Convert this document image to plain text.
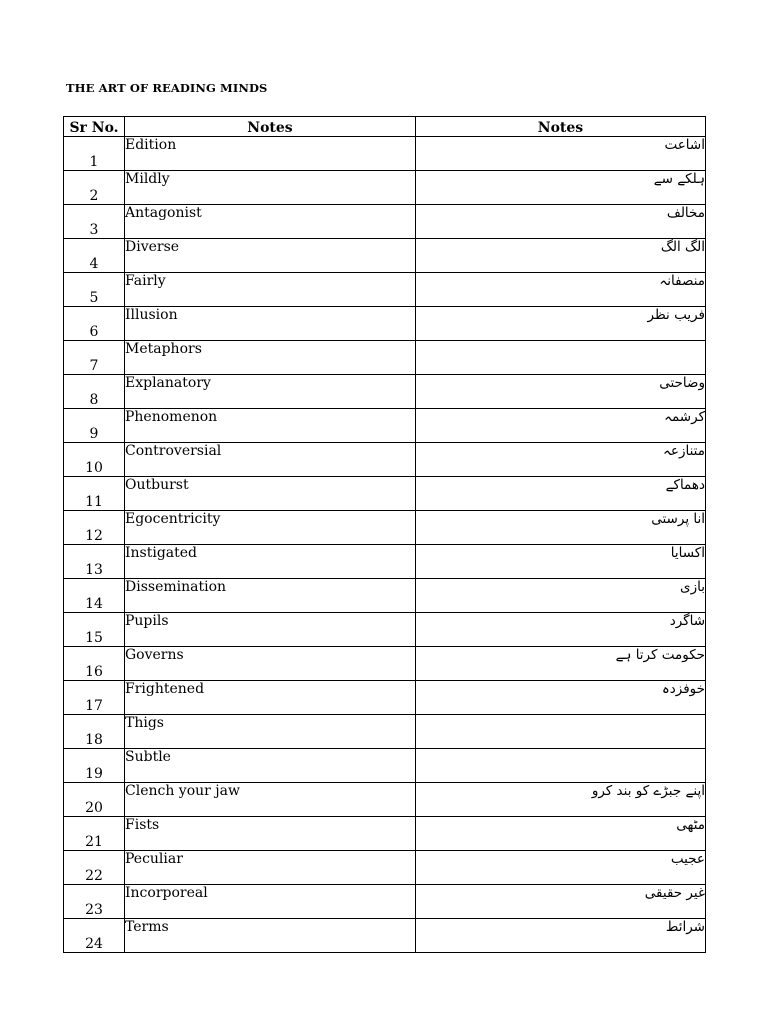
THE ART OF READING MINDS
Sr No.	Notes	Notes
1	Edition	اشاعت
2	Mildly	ہلکے سے
3	Antagonist	مخالف
4	Diverse	الگ الگ
5	Fairly	منصفانہ
6	Illusion	فریب نظر
7	Metaphors	
8	Explanatory	وضاحتی
9	Phenomenon	کرشمہ
10	Controversial	متنازعہ
11	Outburst	دھماکے
12	Egocentricity	انا پرستی
13	Instigated	اکسایا
14	Dissemination	بازی
15	Pupils	شاگرد
16	Governs	حکومت کرتا ہے
17	Frightened	خوفزدہ
18	Thigs	
19	Subtle	
20	Clench your jaw	اپنے جبڑے کو بند کرو
21	Fists	مٹھی
22	Peculiar	عجیب
23	Incorporeal	غیر حقیقی
24	Terms	شرائط
